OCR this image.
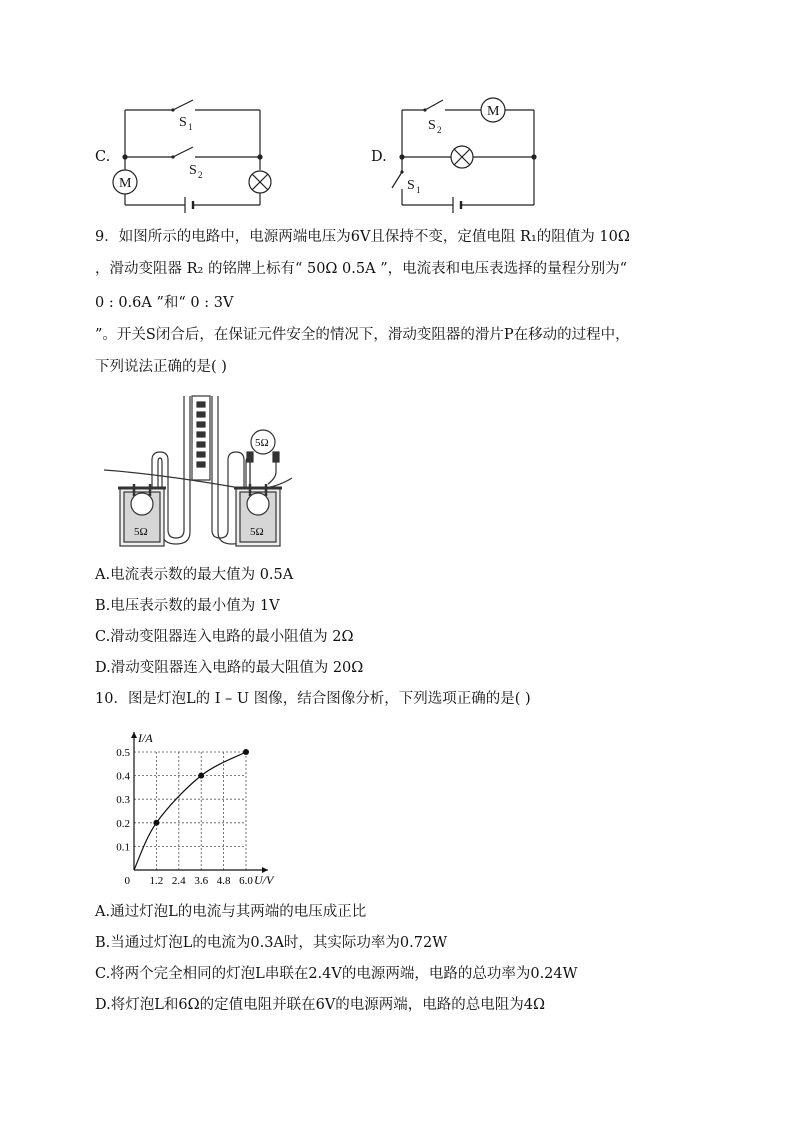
C.
M
S 1
S 2
D.
M
S 2
S 1
9．如图所示的电路中，电源两端电压为6V且保持不变，定值电阻 R₁的阻值为 10Ω
，滑动变阻器 R₂ 的铭牌上标有“ 50Ω 0.5A ”，电流表和电压表选择的量程分别为“
0 : 0.6A ”和“ 0 : 3V
”。开关S闭合后，在保证元件安全的情况下，滑动变阻器的滑片P在移动的过程中，
下列说法正确的是( )
5Ω
5Ω	5Ω
A.电流表示数的最大值为 0.5A
B.电压表示数的最小值为 1V
C.滑动变阻器连入电路的最小阻值为 2Ω
D.滑动变阻器连入电路的最大阻值为 20Ω
10．图是灯泡L的 I – U 图像，结合图像分析，下列选项正确的是( )
1.2 2.4 3.6 4.8 6.0
0.1
0.2
0.3
0.4
0.5
I/A
U/V
0
A.通过灯泡L的电流与其两端的电压成正比
B.当通过灯泡L的电流为0.3A时，其实际功率为0.72W
C.将两个完全相同的灯泡L串联在2.4V的电源两端，电路的总功率为0.24W
D.将灯泡L和6Ω的定值电阻并联在6V的电源两端，电路的总电阻为4Ω
